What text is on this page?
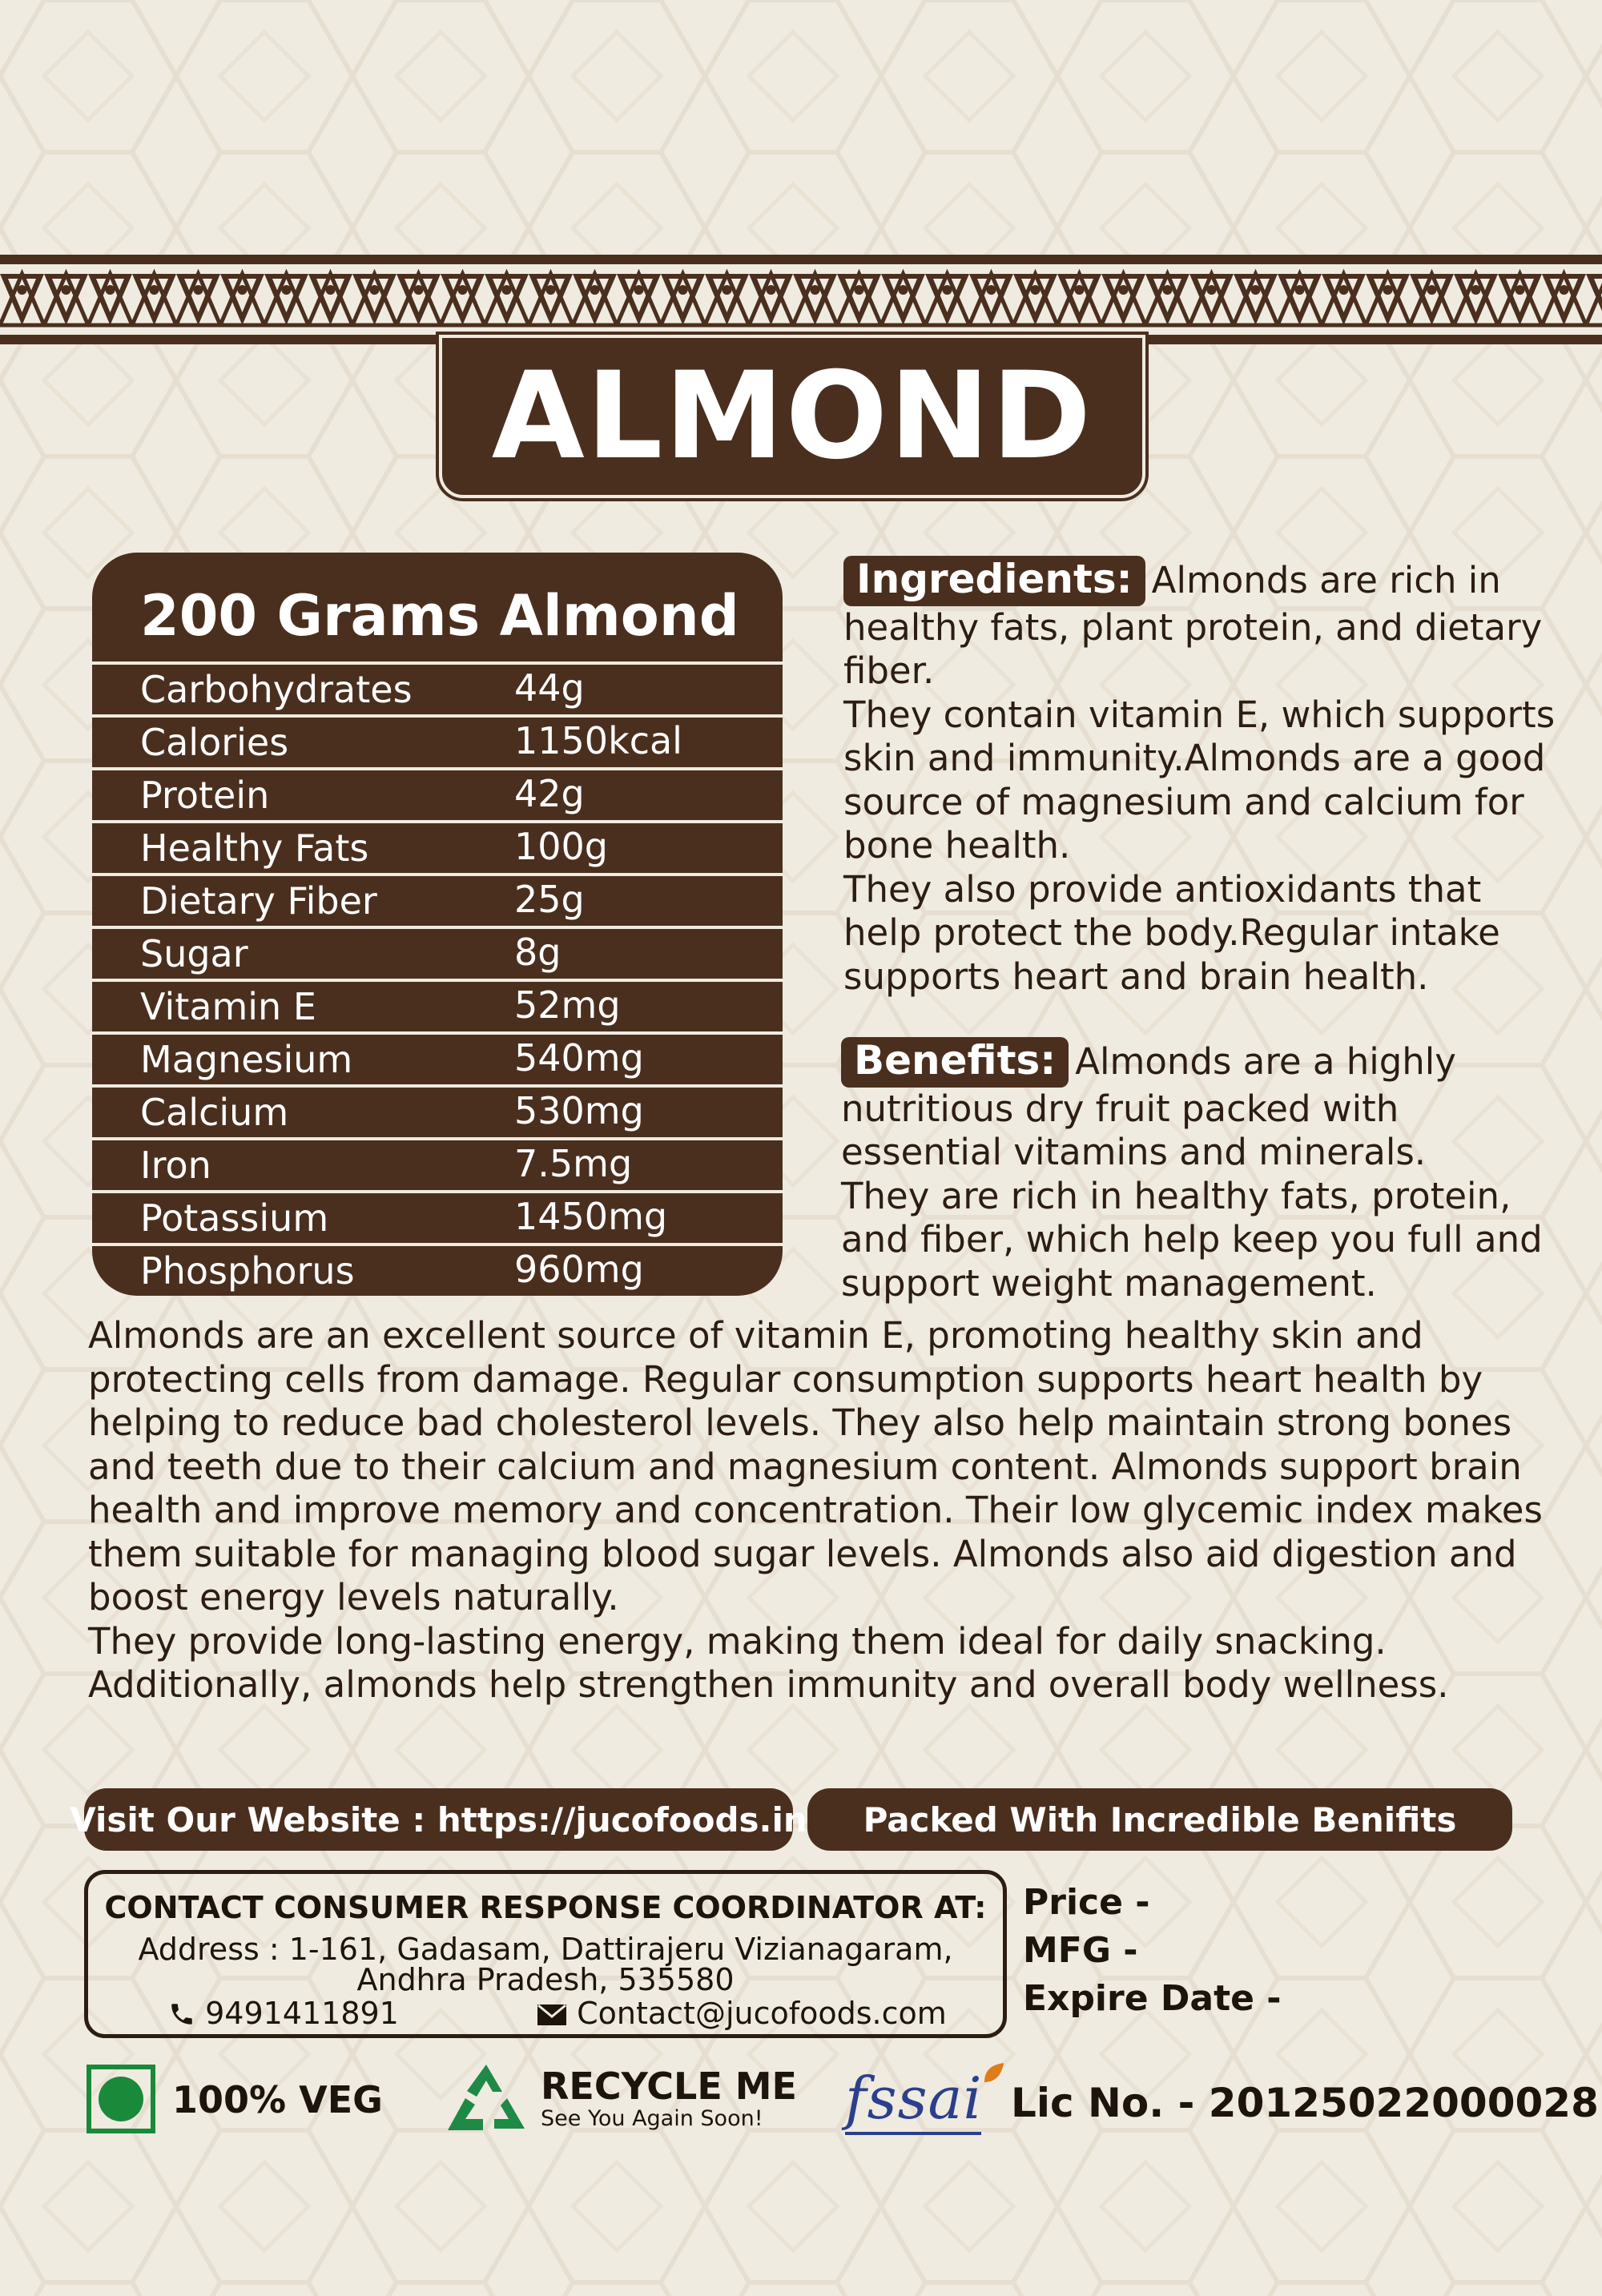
ALMOND
200 Grams Almond
Carbohydrates	44g
Calories	1150kcal
Protein	42g
Healthy Fats	100g
Dietary Fiber	25g
Sugar	8g
Vitamin E	52mg
Magnesium	540mg
Calcium	530mg
Iron	7.5mg
Potassium	1450mg
Phosphorus	960mg
Ingredients: Almonds are rich in healthy fats, plant protein, and dietary fiber.
They contain vitamin E, which supports skin and immunity.Almonds are a good source of magnesium and calcium for bone health.
They also provide antioxidants that help protect the body.Regular intake supports heart and brain health.
Benefits: Almonds are a highly nutritious dry fruit packed with essential vitamins and minerals.
They are rich in healthy fats, protein, and fiber, which help keep you full and support weight management.
Almonds are an excellent source of vitamin E, promoting healthy skin and protecting cells from damage. Regular consumption supports heart health by helping to reduce bad cholesterol levels. They also help maintain strong bones and teeth due to their calcium and magnesium content. Almonds support brain health and improve memory and concentration. Their low glycemic index makes them suitable for managing blood sugar levels. Almonds also aid digestion and boost energy levels naturally.
They provide long-lasting energy, making them ideal for daily snacking. Additionally, almonds help strengthen immunity and overall body wellness.
Visit Our Website : https://jucofoods.in	Packed With Incredible Benifits
CONTACT CONSUMER RESPONSE COORDINATOR AT:
Address : 1-161, Gadasam, Dattirajeru Vizianagaram,
Andhra Pradesh, 535580
9491411891	Contact@jucofoods.com
Price -
MFG -
Expire Date -
100% VEG	RECYCLE ME
See You Again Soon! fssai Lic No. - 20125022000028
